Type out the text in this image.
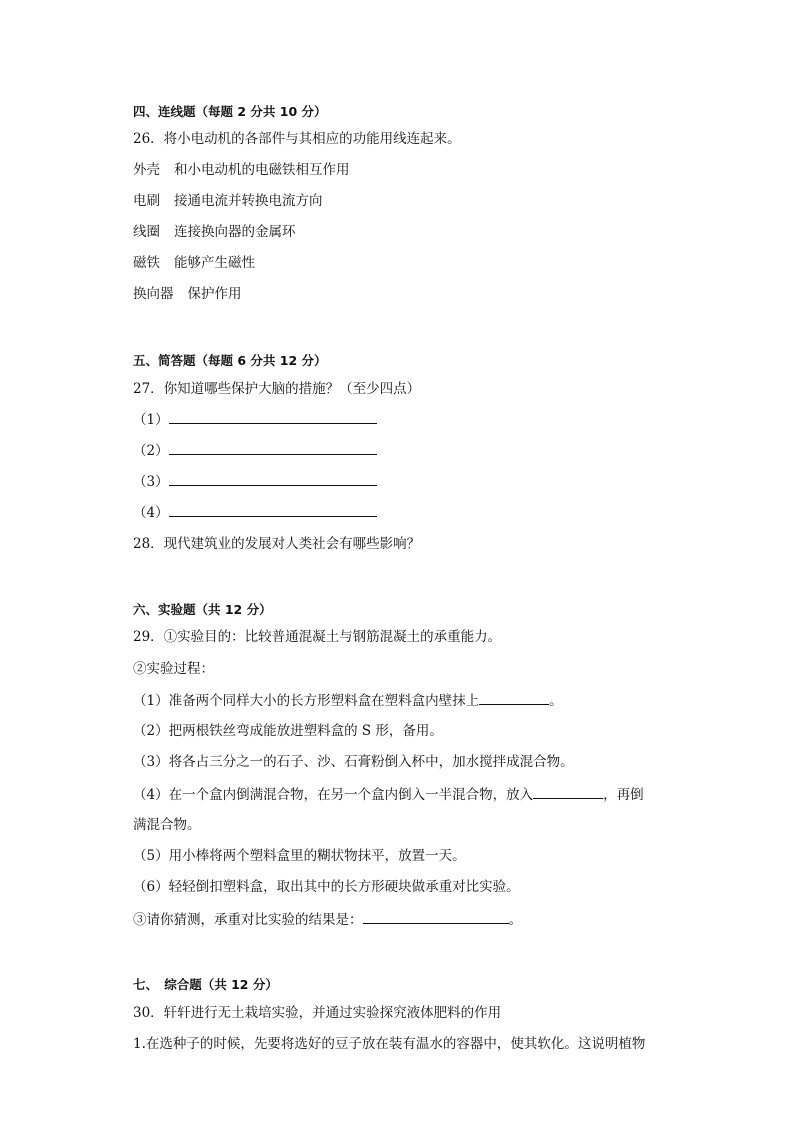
四、连线题（每题 2 分共 10 分）
26．将小电动机的各部件与其相应的功能用线连起来。
外壳 和小电动机的电磁铁相互作用
电刷 接通电流并转换电流方向
线圈 连接换向器的金属环
磁铁 能够产生磁性
换向器 保护作用
五、简答题（每题 6 分共 12 分）
27．你知道哪些保护大脑的措施？（至少四点）
（1）
（2）
（3）
（4）
28．现代建筑业的发展对人类社会有哪些影响？
六、实验题（共 12 分）
29．①实验目的：比较普通混凝土与钢筋混凝土的承重能力。
②实验过程：
（1）准备两个同样大小的长方形塑料盒在塑料盒内壁抹上	。
（2）把两根铁丝弯成能放进塑料盒的 S 形，备用。
（3）将各占三分之一的石子、沙、石膏粉倒入杯中，加水搅拌成混合物。
（4）在一个盒内倒满混合物，在另一个盒内倒入一半混合物，放入	，再倒
满混合物。
（5）用小棒将两个塑料盒里的糊状物抹平，放置一天。
（6）轻轻倒扣塑料盒，取出其中的长方形硬块做承重对比实验。
③请你猜测，承重对比实验的结果是：	。
七、　综合题（共 12 分）
30．轩轩进行无土栽培实验，并通过实验探究液体肥料的作用
1.在选种子的时候，先要将选好的豆子放在装有温水的容器中，使其软化。这说明植物
